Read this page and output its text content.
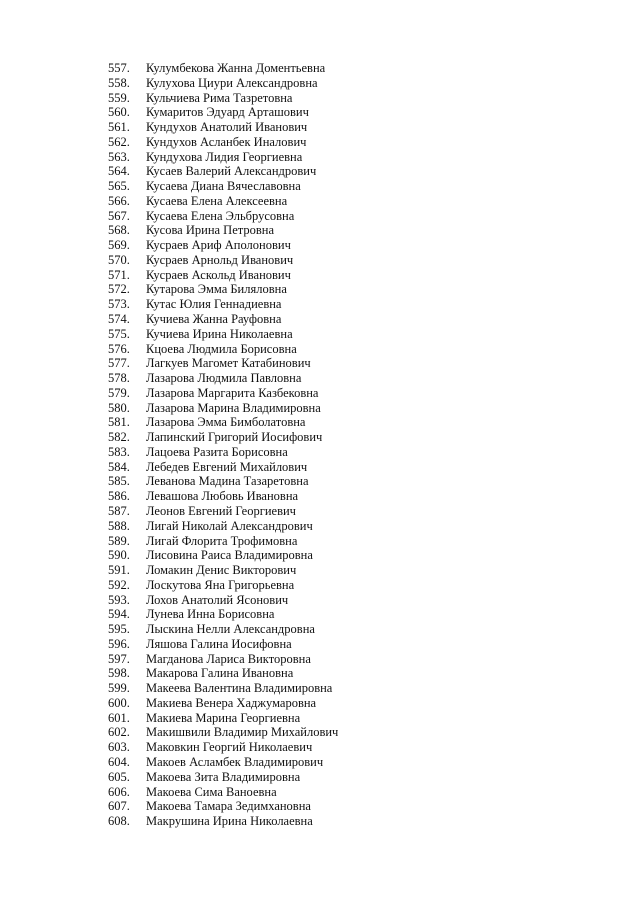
557.	Кулумбекова Жанна Доментьевна
558.	Кулухова Циури Александровна
559.	Кульчиева Рима Тазретовна
560.	Кумаритов Эдуард Арташович
561.	Кундухов Анатолий Иванович
562.	Кундухов Асланбек Иналович
563.	Кундухова Лидия Георгиевна
564.	Кусаев Валерий Александрович
565.	Кусаева Диана Вячеславовна
566.	Кусаева Елена Алексеевна
567.	Кусаева Елена Эльбрусовна
568.	Кусова Ирина Петровна
569.	Кусраев Ариф Аполонович
570.	Кусраев Арнольд Иванович
571.	Кусраев Аскольд Иванович
572.	Кутарова Эмма Биляловна
573.	Кутас Юлия Геннадиевна
574.	Кучиева Жанна Рауфовна
575.	Кучиева Ирина Николаевна
576.	Кцоева Людмила Борисовна
577.	Лагкуев Магомет Катабинович
578.	Лазарова Людмила Павловна
579.	Лазарова Маргарита Казбековна
580.	Лазарова Марина Владимировна
581.	Лазарова Эмма Бимболатовна
582.	Лапинский Григорий Иосифович
583.	Лацоева Разита Борисовна
584.	Лебедев Евгений Михайлович
585.	Леванова Мадина Тазаретовна
586.	Левашова Любовь Ивановна
587.	Леонов Евгений Георгиевич
588.	Лигай Николай Александрович
589.	Лигай Флорита Трофимовна
590.	Лисовина Раиса Владимировна
591.	Ломакин Денис Викторович
592.	Лоскутова Яна Григорьевна
593.	Лохов Анатолий Ясонович
594.	Лунева Инна Борисовна
595.	Лыскина Нелли Александровна
596.	Ляшова Галина Иосифовна
597.	Магданова Лариса Викторовна
598.	Макарова Галина Ивановна
599.	Макеева Валентина Владимировна
600.	Макиева Венера Хаджумаровна
601.	Макиева Марина Георгиевна
602.	Макишвили Владимир Михайлович
603.	Маковкин Георгий Николаевич
604.	Макоев Асламбек Владимирович
605.	Макоева Зита Владимировна
606.	Макоева Сима Ваноевна
607.	Макоева Тамара Зедимхановна
608.	Макрушина Ирина Николаевна
